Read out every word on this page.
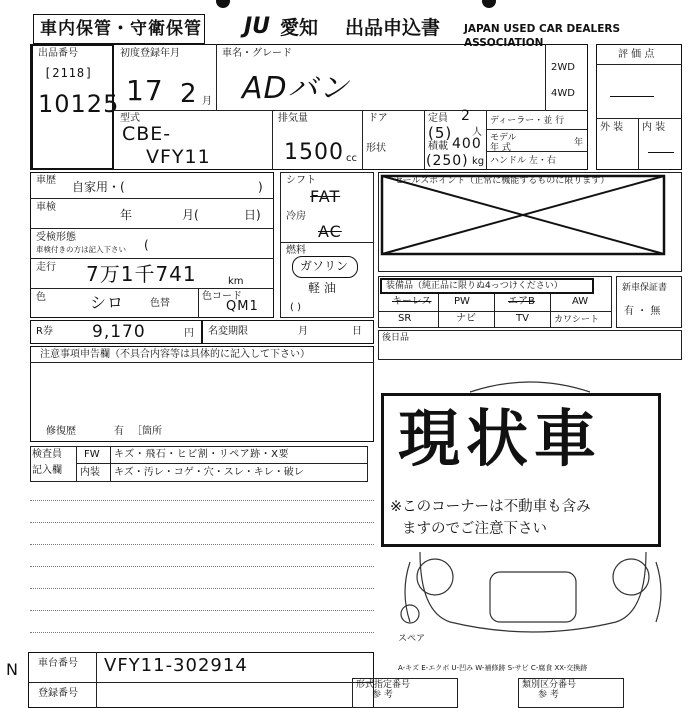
車内保管・守衛保管 JU 愛知 出品申込書 JAPAN USED CAR DEALERS ASSOCIATION
出品番号
[2118]
10125
初度登録年月
17 2 月
車名・グレード
ADバン
2WD
4WD
型式
CBE-
VFY11
排気量
1500 cc
ドア
形状
定員 2
(5) 人
積載 400
(250) kg
ディーラー・並 行
モデル 年 式	年
ハンドル 左・右
評 価 点
外 装 内 装
車歴 自家用・(	)
車検
年	月(	日)
受検形態
車検付きの方は記入下さい (
走行 7万1千741	km
色	シロ	色替
色コード
QM1
シフト
FAT
冷房
AC
燃料
ガソリン
軽 油
( )
セールスポイント（正常に機能するものに限ります）
装備品（純正品に限りぬ4っつけください）
キーレス PW	エアB	AW
SR	ナビ	TV	カワシート
新車保証書
有 ・ 無
R券 9,170	円 名変期限	月	日
後日品
注意事項申告欄（不具合内容等は具体的に記入して下さい）
修復歴	有 ［箇所
検査員
記入欄
FW キズ・飛石・ヒビ割・リペア跡・X要
内装 キズ・汚レ・コゲ・穴・スレ・キレ・破レ
スペア
A-キズ E-エクボ U-凹み W-補修跡 S-サビ C-腐食 XX-交換跡
現状車
※このコーナーは不動車も含み
ますのでご注意下さい
N 車台番号 VFY11-302914
登録番号
形式指定番号
参 考
類別区分番号
参 考
